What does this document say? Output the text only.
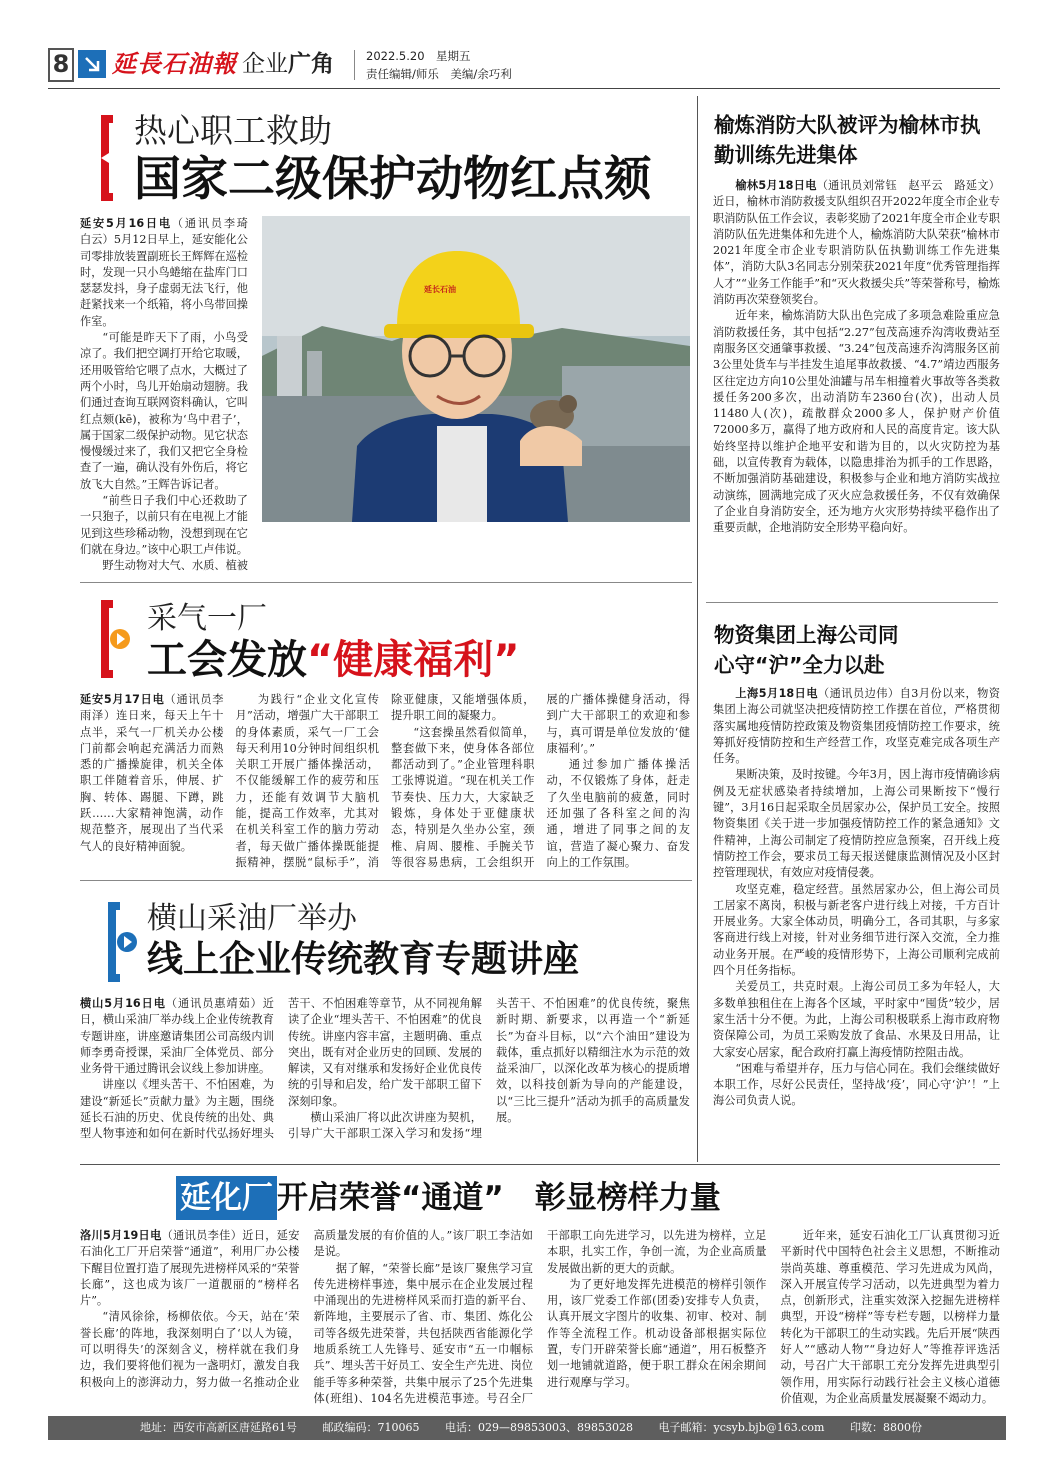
8 延長石油報 企业广角	2022.5.20　 星期五
责任编辑/师乐　美编/余巧利
热心职工救助
国家二级保护动物红点颏

延安5月16日电（通讯员李琦　白云）5月12日早上，延安能化公司零排放装置副班长王辉辉在巡检时，发现一只小鸟蜷缩在盐库门口瑟瑟发抖，身子虚弱无法飞行，他赶紧找来一个纸箱，将小鸟带回操作室。

“可能是昨天下了雨，小鸟受凉了。我们把空调打开给它取暖，还用吸管给它喂了点水，大概过了两个小时，鸟儿开始扇动翅膀。我们通过查询互联网资料确认，它叫红点颏(kē)，被称为‘鸟中君子’，属于国家二级保护动物。见它状态慢慢缓过来了，我们又把它全身检查了一遍，确认没有外伤后，将它放飞大自然。”王辉告诉记者。

“前些日子我们中心还救助了一只狍子，以前只有在电视上才能见到这些珍稀动物，没想到现在它们就在身边。”该中心职工卢伟说。

野生动物对大气、水质、植被

延长石油
榆炼消防大队被评为榆林市执勤训练先进集体

榆林5月18日电（通讯员刘常钰　赵平云　路延文）近日，榆林市消防救援支队组织召开2022年度全市企业专职消防队伍工作会议，表彰奖励了2021年度全市企业专职消防队伍先进集体和先进个人，榆炼消防大队荣获“榆林市2021年度全市企业专职消防队伍执勤训练工作先进集体”，消防大队3名同志分别荣获2021年度“优秀管理指挥人才”“业务工作能手”和“灭火救援尖兵”等荣誉称号，榆炼消防再次荣登领奖台。

近年来，榆炼消防大队出色完成了多项急难险重应急消防救援任务，其中包括“2.27”包茂高速乔沟湾收费站至南服务区交通肇事救援、“3.24”包茂高速乔沟湾服务区前3公里处货车与半挂发生追尾事故救援、“4.7”靖边西服务区往定边方向10公里处油罐与吊车相撞着火事故等各类救援任务200多次，出动消防车2360台(次)，出动人员11480人(次)，疏散群众2000多人，保护财产价值72000多万，赢得了地方政府和人民的高度肯定。该大队始终坚持以维护企地平安和谐为目的，以火灾防控为基础，以宣传教育为载体，以隐患排治为抓手的工作思路，不断加强消防基础建设，积极参与企业和地方消防实战拉动演练，圆满地完成了灭火应急救援任务，不仅有效确保了企业自身消防安全，还为地方火灾形势持续平稳作出了重要贡献，企地消防安全形势平稳向好。

采气一厂
工会发放“健康福利”

延安5月17日电（通讯员李雨泽）连日来，每天上午十点半，采气一厂机关办公楼门前都会响起充满活力而熟悉的广播操旋律，机关全体职工伴随着音乐，伸展、扩胸、转体、踢腿、下蹲，跳跃……大家精神饱满，动作规范整齐，展现出了当代采气人的良好精神面貌。

为践行“企业文化宣传月”活动，增强广大干部职工的身体素质，采气一厂工会每天利用10分钟时间组织机关职工开展广播体操活动，不仅能缓解工作的疲劳和压力，还能有效调节大脑机能，提高工作效率，尤其对在机关科室工作的脑力劳动者，每天做广播体操既能提振精神，摆脱“鼠标手”，消除亚健康，又能增强体质，提升职工间的凝聚力。

“这套操虽然看似简单，整套做下来，使身体各部位都活动到了。”企业管理科职工张博说道。“现在机关工作节奏快、压力大，大家缺乏锻炼，身体处于亚健康状态，特别是久坐办公室，颈椎、肩周、腰椎、手腕关节等很容易患病，工会组织开展的广播体操健身活动，得到广大干部职工的欢迎和参与，真可谓是单位发放的‘健康福利’。”

通过参加广播体操活动，不仅锻炼了身体，赶走了久坐电脑前的疲惫，同时还加强了各科室之间的沟通，增进了同事之间的友谊，营造了凝心聚力、奋发向上的工作氛围。

物资集团上海公司同心守“沪”全力以赴

上海5月18日电（通讯员边伟）自3月份以来，物资集团上海公司就坚决把疫情防控工作摆在首位，严格贯彻落实属地疫情防控政策及物资集团疫情防控工作要求，统筹抓好疫情防控和生产经营工作，攻坚克难完成各项生产任务。

果断决策，及时按键。今年3月，因上海市疫情确诊病例及无症状感染者持续增加，上海公司果断按下“慢行键”，3月16日起采取全员居家办公，保护员工安全。按照物资集团《关于进一步加强疫情防控工作的紧急通知》文件精神，上海公司制定了疫情防控应急预案，召开线上疫情防控工作会，要求员工每天报送健康监测情况及小区封控管理现状，有效应对疫情侵袭。

攻坚克难，稳定经营。虽然居家办公，但上海公司员工居家不离岗，积极与新老客户进行线上对接，千方百计开展业务。大家全体动员，明确分工，各司其职，与多家客商进行线上对接，针对业务细节进行深入交流，全力推动业务开展。在严峻的疫情形势下，上海公司顺利完成前四个月任务指标。

关爱员工，共克时艰。上海公司员工多为年轻人，大多数单独租住在上海各个区域，平时家中“囤货”较少，居家生活十分不便。为此，上海公司积极联系上海市政府物资保障公司，为员工采购发放了食品、水果及日用品，让大家安心居家，配合政府打赢上海疫情防控阻击战。

“困难与希望并存，压力与信心同在。我们会继续做好本职工作，尽好公民责任，坚持战‘疫’，同心守‘沪’！”上海公司负责人说。

横山采油厂举办
线上企业传统教育专题讲座

横山5月16日电（通讯员惠靖茹）近日，横山采油厂举办线上企业传统教育专题讲座，讲座邀请集团公司高级内训师李勇奇授课，采油厂全体党员、部分业务骨干通过腾讯会议线上参加讲座。

讲座以《埋头苦干、不怕困难，为建设“新延长”贡献力量》为主题，围绕延长石油的历史、优良传统的出处、典型人物事迹和如何在新时代弘扬好埋头苦干、不怕困难等章节，从不同视角解读了企业“埋头苦干、不怕困难”的优良传统。讲座内容丰富，主题明确、重点突出，既有对企业历史的回顾、发展的解读，又有对继承和发扬好企业优良传统的引导和启发，给广发干部职工留下深刻印象。

横山采油厂将以此次讲座为契机，引导广大干部职工深入学习和发扬“埋头苦干、不怕困难”的优良传统，聚焦新时期、新要求，以再造一个“新延长”为奋斗目标，以“六个油田”建设为载体，重点抓好以精细注水为示范的效益采油厂，以深化改革为核心的提质增效，以科技创新为导向的产能建设，以“三比三提升”活动为抓手的高质量发展。

延化厂 开启荣誉“通道”　彰显榜样力量

洛川5月19日电（通讯员李佳）近日，延安石油化工厂开启荣誉“通道”，利用厂办公楼下醒目位置打造了展现先进榜样风采的“荣誉长廊”，这也成为该厂一道靓丽的“榜样名片”。

“清风徐徐，杨柳依依。今天，站在‘荣誉长廊’的阵地，我深刻明白了‘以人为镜，可以明得失’的深刻含义，榜样就在我们身边，我们要将他们视为一盏明灯，激发自我积极向上的澎湃动力，努力做一名推动企业高质量发展的有价值的人。”该厂职工李洁如是说。

据了解，“荣誉长廊”是该厂聚焦学习宣传先进榜样事迹，集中展示在企业发展过程中涌现出的先进榜样风采而打造的新平台、新阵地，主要展示了省、市、集团、炼化公司等各级先进荣誉，共包括陕西省能源化学地质系统工人先锋号、延安市“五一巾帼标兵”、埋头苦干好员工、安全生产先进、岗位能手等多种荣誉，共集中展示了25个先进集体(班组)、104名先进模范事迹。号召全厂干部职工向先进学习，以先进为榜样，立足本职，扎实工作，争创一流，为企业高质量发展做出新的更大的贡献。

为了更好地发挥先进模范的榜样引领作用，该厂党委工作部(团委)安排专人负责，认真开展文字图片的收集、初审、校对、制作等全流程工作。机动设备部根据实际位置，专门开辟荣誉长廊“通道”，用石板整齐划一地铺就道路，便于职工群众在闲余期间进行观摩与学习。

近年来，延安石油化工厂认真贯彻习近平新时代中国特色社会主义思想，不断推动崇尚英雄、尊重模范、学习先进成为风尚，深入开展宣传学习活动，以先进典型为着力点，创新形式，注重实效深入挖掘先进榜样典型，开设“榜样”等专栏专题，以榜样力量转化为干部职工的生动实践。先后开展“陕西好人”“感动人物”“身边好人”等推荐评选活动，号召广大干部职工充分发挥先进典型引领作用，用实际行动践行社会主义核心道德价值观，为企业高质量发展凝聚不竭动力。

地址：西安市高新区唐延路61号 邮政编码：710065 电话：029—89853003、89853028 电子邮箱：ycsyb.bjb@163.com 印数：8800份
